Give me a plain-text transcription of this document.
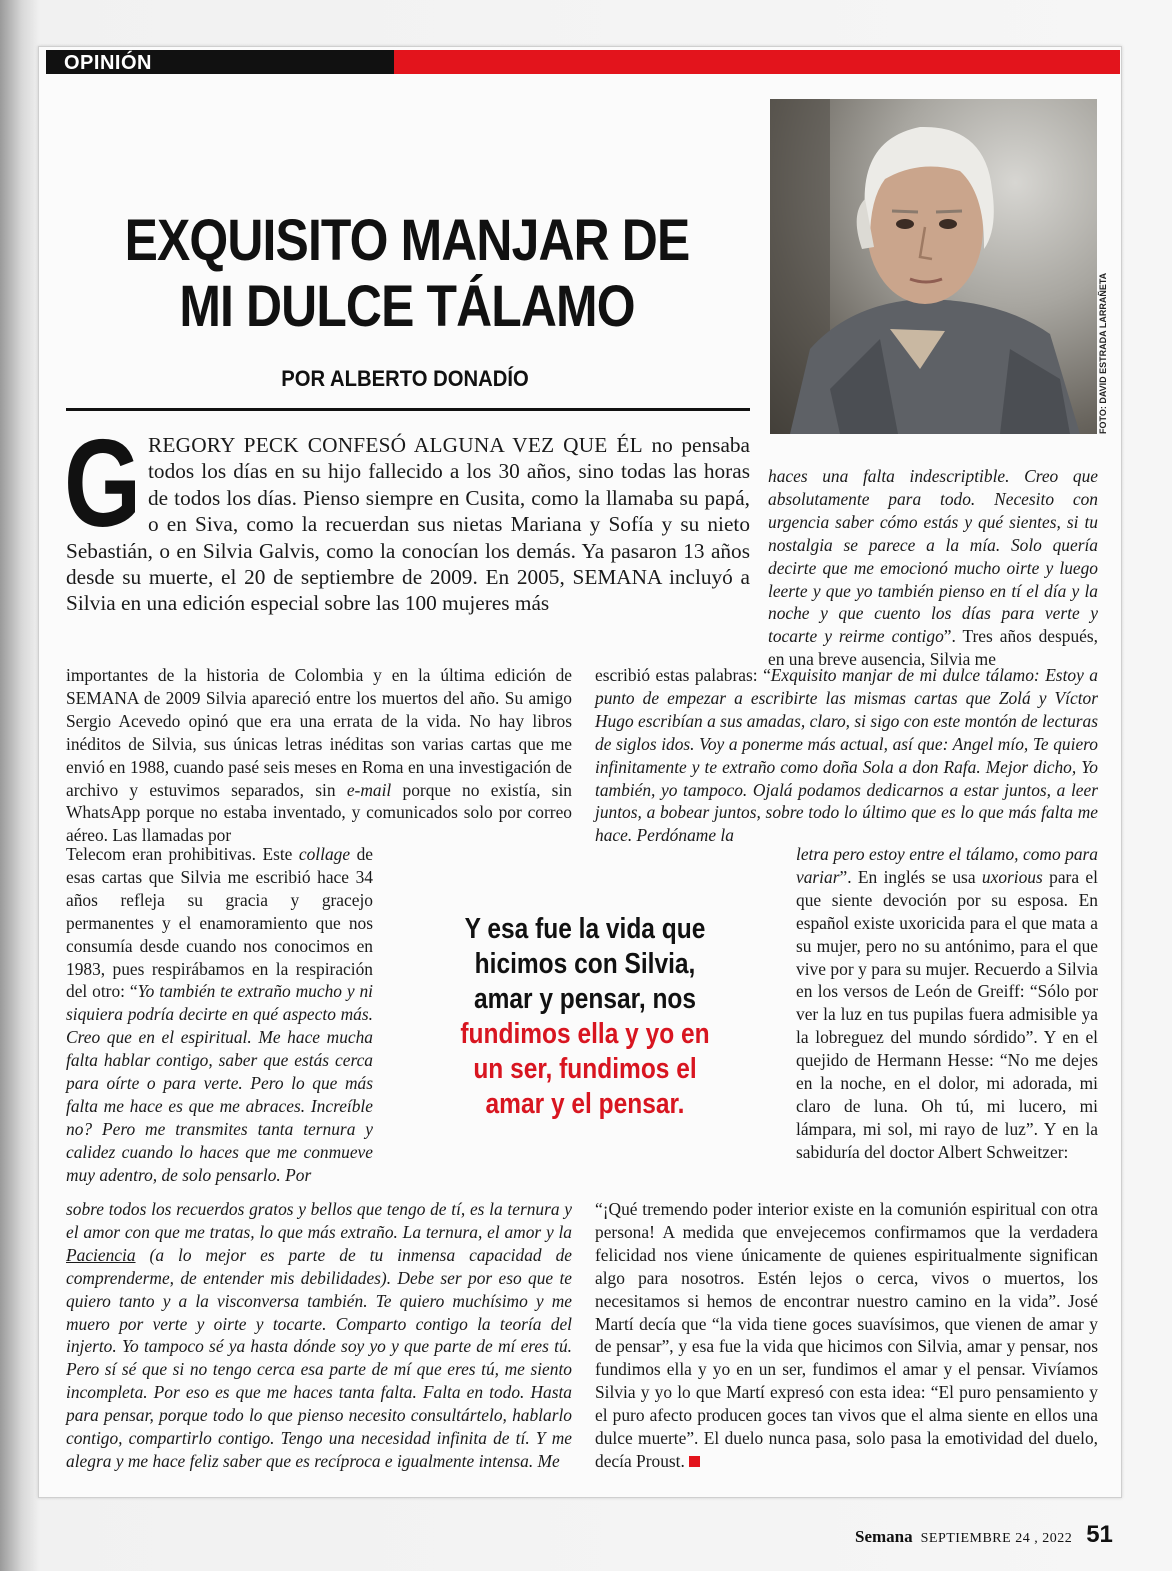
OPINIÓN
EXQUISITO MANJAR DE
MI DULCE TÁLAMO
POR ALBERTO DONADÍO	FOTO: DAVID ESTRADA LARRAÑETA
G REGORY PECK CONFESÓ ALGUNA VEZ QUE ÉL no pensaba todos los días en su hijo fallecido a los 30 años, sino todas las horas de todos los días. Pienso siempre en Cusita, como la llamaba su papá, o en Siva, como la recuerdan sus nietas Mariana y Sofía y su nieto Sebastián, o en Silvia Galvis, como la conocían los demás. Ya pasaron 13 años desde su muerte, el 20 de septiembre de 2009. En 2005, SEMANA incluyó a Silvia en una edición especial sobre las 100 mujeres más

haces una falta indescriptible. Creo que absolutamente para todo. Necesito con urgencia saber cómo estás y qué sientes, si tu nostalgia se parece a la mía. Solo quería decirte que me emocionó mucho oirte y luego leerte y que yo también pienso en tí el día y la noche y que cuento los días para verte y tocarte y reirme contigo”. Tres años después, en una breve ausencia, Silvia me

importantes de la historia de Colombia y en la última edición de SEMANA de 2009 Silvia apareció entre los muertos del año. Su amigo Sergio Acevedo opinó que era una errata de la vida. No hay libros inéditos de Silvia, sus únicas letras inéditas son varias cartas que me envió en 1988, cuando pasé seis meses en Roma en una investigación de archivo y estuvimos separados, sin e-mail porque no existía, sin WhatsApp porque no estaba inventado, y comunicados solo por correo aéreo. Las llamadas por

escribió estas palabras: “Exquisito manjar de mi dulce tálamo: Estoy a punto de empezar a escribirte las mismas cartas que Zolá y Víctor Hugo escribían a sus amadas, claro, si sigo con este montón de lecturas de siglos idos. Voy a ponerme más actual, así que: Angel mío, Te quiero infinitamente y te extraño como doña Sola a don Rafa. Mejor dicho, Yo también, yo tampoco. Ojalá podamos dedicarnos a estar juntos, a leer juntos, a bobear juntos, sobre todo lo último que es lo que más falta me hace. Perdóname la

Telecom eran prohibitivas. Este collage de esas cartas que Silvia me escribió hace 34 años refleja su gracia y gracejo permanentes y el enamoramiento que nos consumía desde cuando nos conocimos en 1983, pues respirábamos en la respiración del otro: “Yo también te extraño mucho y ni siquiera podría decirte en qué aspecto más. Creo que en el espiritual. Me hace mucha falta hablar contigo, saber que estás cerca para oírte o para verte. Pero lo que más falta me hace es que me abraces. Increíble no? Pero me transmites tanta ternura y calidez cuando lo haces que me conmueve muy adentro, de solo pensarlo. Por

Y esa fue la vida que
hicimos con Silvia,
amar y pensar, nos
fundimos ella y yo en
un ser, fundimos el
amar y el pensar.

letra pero estoy entre el tálamo, como para variar”. En inglés se usa uxorious para el que siente devoción por su esposa. En español existe uxoricida para el que mata a su mujer, pero no su antónimo, para el que vive por y para su mujer. Recuerdo a Silvia en los versos de León de Greiff: “Sólo por ver la luz en tus pupilas fuera admisible ya la lobreguez del mundo sórdido”. Y en el quejido de Hermann Hesse: “No me dejes en la noche, en el dolor, mi adorada, mi claro de luna. Oh tú, mi lucero, mi lámpara, mi sol, mi rayo de luz”. Y en la sabiduría del doctor Albert Schweitzer:

sobre todos los recuerdos gratos y bellos que tengo de tí, es la ternura y el amor con que me tratas, lo que más extraño. La ternura, el amor y la Paciencia (a lo mejor es parte de tu inmensa capacidad de comprenderme, de entender mis debilidades). Debe ser por eso que te quiero tanto y a la visconversa también. Te quiero muchísimo y me muero por verte y oirte y tocarte. Comparto contigo la teoría del injerto. Yo tampoco sé ya hasta dónde soy yo y que parte de mí eres tú. Pero sí sé que si no tengo cerca esa parte de mí que eres tú, me siento incompleta. Por eso es que me haces tanta falta. Falta en todo. Hasta para pensar, porque todo lo que pienso necesito consultártelo, hablarlo contigo, compartirlo contigo. Tengo una necesidad infinita de tí. Y me alegra y me hace feliz saber que es recíproca e igualmente intensa. Me

“¡Qué tremendo poder interior existe en la comunión espiritual con otra persona! A medida que envejecemos confirmamos que la verdadera felicidad nos viene únicamente de quienes espiritualmente significan algo para nosotros. Estén lejos o cerca, vivos o muertos, los necesitamos si hemos de encontrar nuestro camino en la vida”. José Martí decía que “la vida tiene goces suavísimos, que vienen de amar y de pensar”, y esa fue la vida que hicimos con Silvia, amar y pensar, nos fundimos ella y yo en un ser, fundimos el amar y el pensar. Vivíamos Silvia y yo lo que Martí expresó con esta idea: “El puro pensamiento y el puro afecto producen goces tan vivos que el alma siente en ellos una dulce muerte”. El duelo nunca pasa, solo pasa la emotividad del duelo, decía Proust.

Semana SEPTIEMBRE 24 , 2022 51
